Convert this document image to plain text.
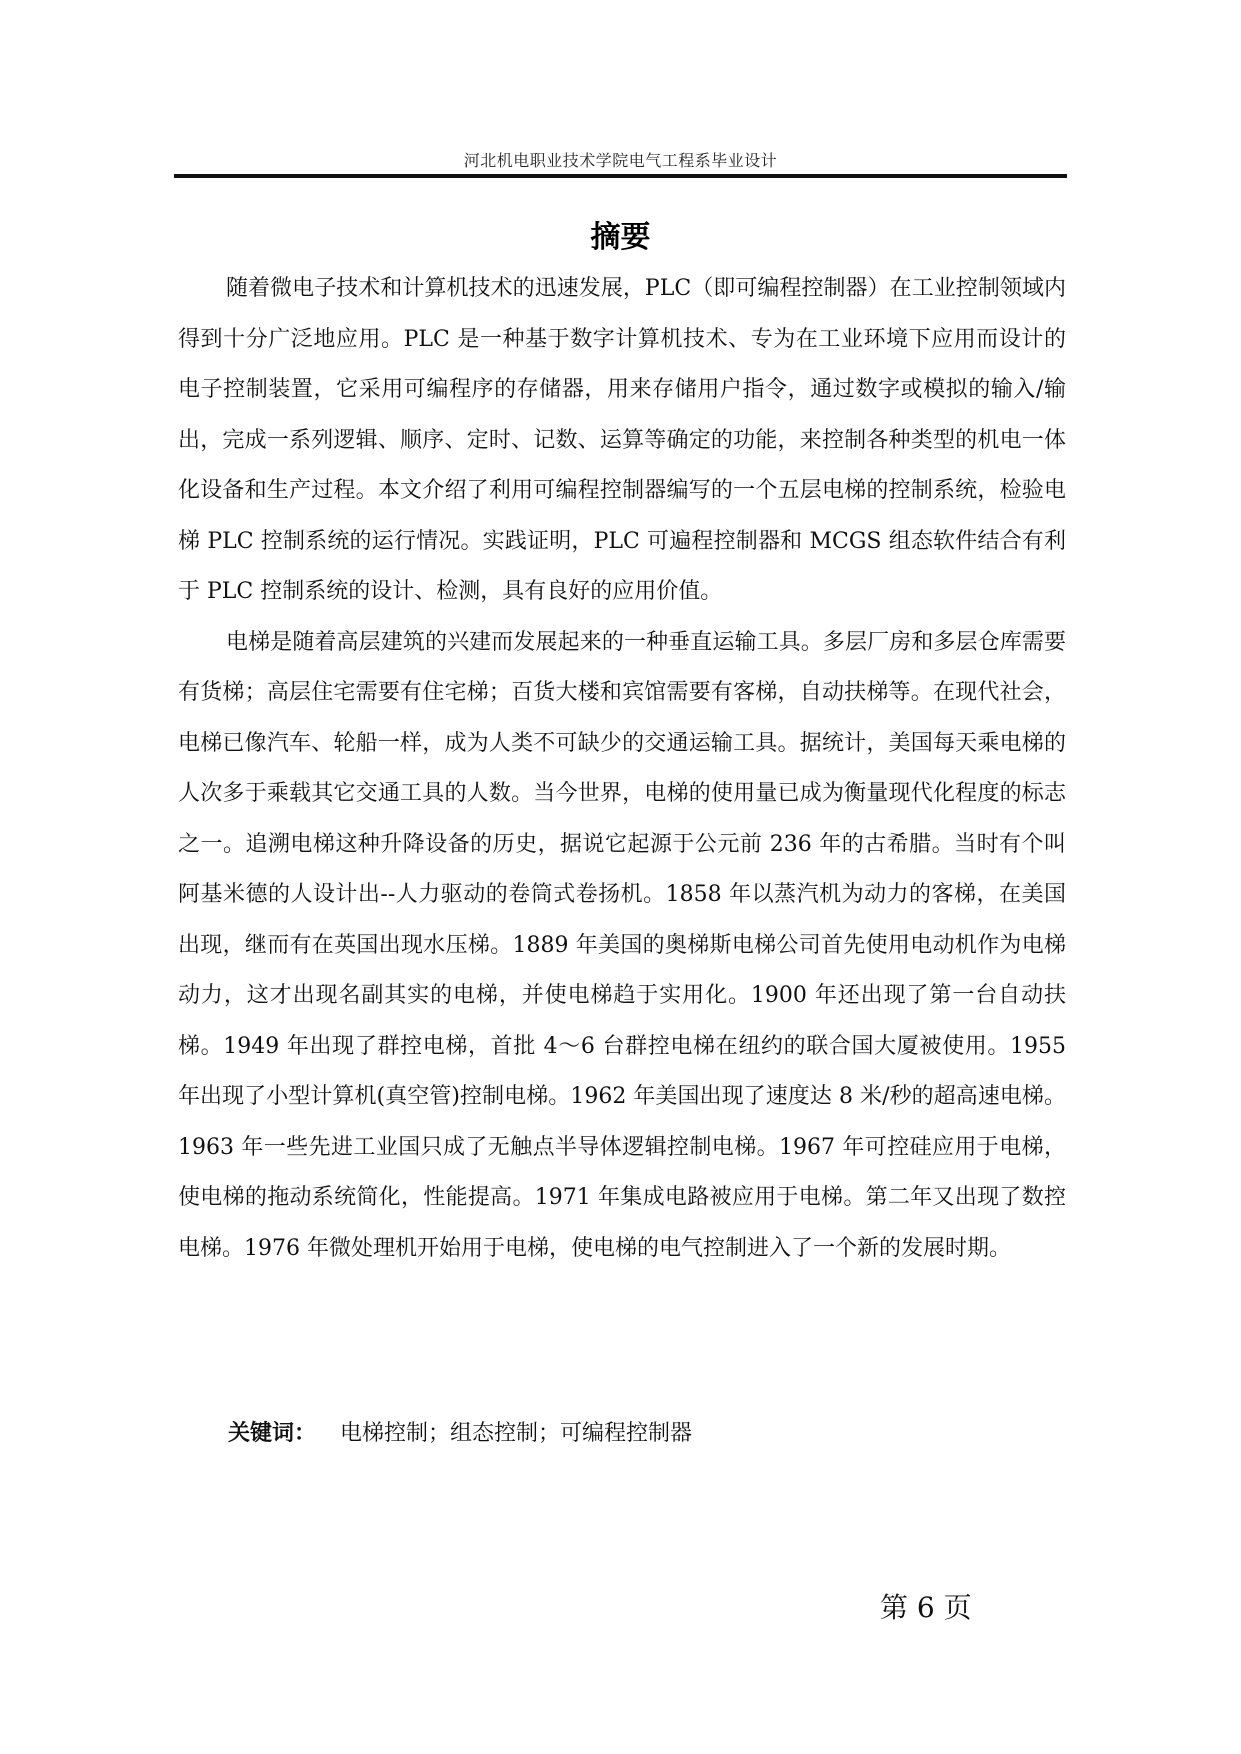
河北机电职业技术学院电气工程系毕业设计
摘要

随着微电子技术和计算机技术的迅速发展，PLC（即可编程控制器）在工业控制领域内得到十分广泛地应用。PLC 是一种基于数字计算机技术、专为在工业环境下应用而设计的电子控制装置，它采用可编程序的存储器，用来存储用户指令，通过数字或模拟的输入/输出，完成一系列逻辑、顺序、定时、记数、运算等确定的功能，来控制各种类型的机电一体化设备和生产过程。本文介绍了利用可编程控制器编写的一个五层电梯的控制系统，检验电梯 PLC 控制系统的运行情况。实践证明，PLC 可遍程控制器和 MCGS 组态软件结合有利于 PLC 控制系统的设计、检测，具有良好的应用价值。

电梯是随着高层建筑的兴建而发展起来的一种垂直运输工具。多层厂房和多层仓库需要有货梯；高层住宅需要有住宅梯；百货大楼和宾馆需要有客梯，自动扶梯等。在现代社会，电梯已像汽车、轮船一样，成为人类不可缺少的交通运输工具。据统计，美国每天乘电梯的人次多于乘载其它交通工具的人数。当今世界，电梯的使用量已成为衡量现代化程度的标志之一。追溯电梯这种升降设备的历史，据说它起源于公元前 236 年的古希腊。当时有个叫阿基米德的人设计出--人力驱动的卷筒式卷扬机。1858 年以蒸汽机为动力的客梯，在美国出现，继而有在英国出现水压梯。1889 年美国的奥梯斯电梯公司首先使用电动机作为电梯动力，这才出现名副其实的电梯，并使电梯趋于实用化。1900 年还出现了第一台自动扶梯。1949 年出现了群控电梯，首批 4～6 台群控电梯在纽约的联合国大厦被使用。1955 年出现了小型计算机(真空管)控制电梯。1962 年美国出现了速度达 8 米/秒的超高速电梯。1963 年一些先进工业国只成了无触点半导体逻辑控制电梯。1967 年可控硅应用于电梯，使电梯的拖动系统简化，性能提高。1971 年集成电路被应用于电梯。第二年又出现了数控电梯。1976 年微处理机开始用于电梯，使电梯的电气控制进入了一个新的发展时期。

关键词： 电梯控制；组态控制；可编程控制器
第 6 页
